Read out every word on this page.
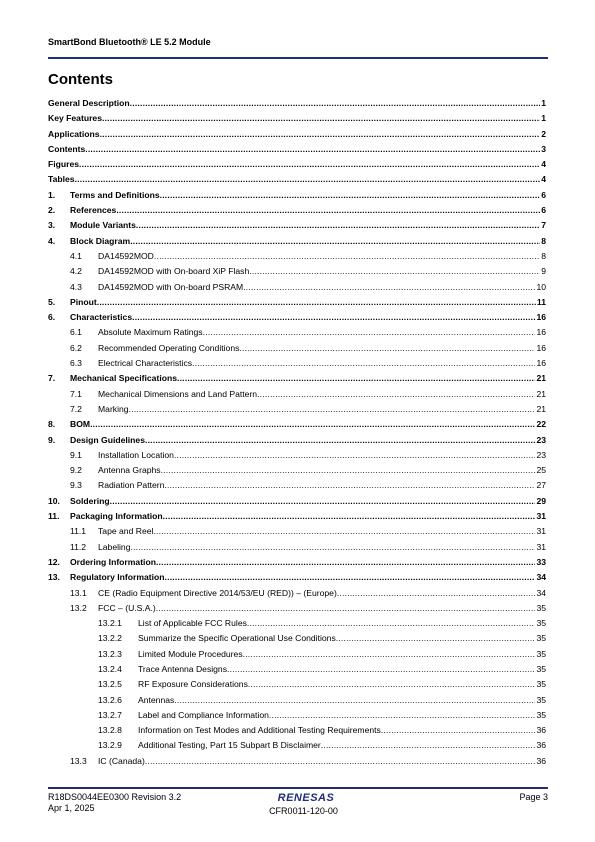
SmartBond Bluetooth® LE 5.2 Module
Contents
General Description .....	1
Key Features .....	1
Applications .....	2
Contents .....	3
Figures .....	4
Tables .....	4
1.	Terms and Definitions .....	6
2.	References .....	6
3.	Module Variants .....	7
4.	Block Diagram .....	8
4.1	DA14592MOD .....	8
4.2	DA14592MOD with On-board XiP Flash .....	9
4.3	DA14592MOD with On-board PSRAM .....	10
5.	Pinout .....	11
6.	Characteristics .....	16
6.1	Absolute Maximum Ratings .....	16
6.2	Recommended Operating Conditions .....	16
6.3	Electrical Characteristics .....	16
7.	Mechanical Specifications .....	21
7.1	Mechanical Dimensions and Land Pattern .....	21
7.2	Marking .....	21
8.	BOM .....	22
9.	Design Guidelines .....	23
9.1	Installation Location .....	23
9.2	Antenna Graphs .....	25
9.3	Radiation Pattern .....	27
10.	Soldering .....	29
11.	Packaging Information .....	31
11.1	Tape and Reel .....	31
11.2	Labeling .....	31
12.	Ordering Information .....	33
13.	Regulatory Information .....	34
13.1	CE (Radio Equipment Directive 2014/53/EU (RED)) – (Europe) .....	34
13.2	FCC – (U.S.A.) .....	35
13.2.1	List of Applicable FCC Rules .....	35
13.2.2	Summarize the Specific Operational Use Conditions .....	35
13.2.3	Limited Module Procedures .....	35
13.2.4	Trace Antenna Designs .....	35
13.2.5	RF Exposure Considerations .....	35
13.2.6	Antennas .....	35
13.2.7	Label and Compliance Information .....	35
13.2.8	Information on Test Modes and Additional Testing Requirements .....	36
13.2.9	Additional Testing, Part 15 Subpart B Disclaimer .....	36
13.3	IC (Canada) .....	36
R18DS0044EE0300 Revision 3.2
Apr 1, 2025
RENESAS
CFR0011-120-00
Page 3
